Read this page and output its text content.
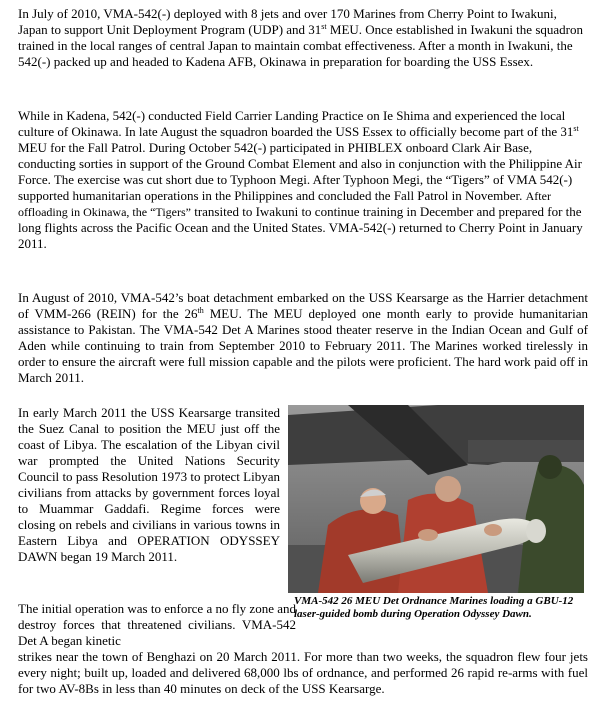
In July of 2010, VMA-542(-) deployed with 8 jets and over 170 Marines from Cherry Point to Iwakuni, Japan to support Unit Deployment Program (UDP) and 31st MEU. Once established in Iwakuni the squadron trained in the local ranges of central Japan to maintain combat effectiveness. After a month in Iwakuni, the 542(-) packed up and headed to Kadena AFB, Okinawa in preparation for boarding the USS Essex.

While in Kadena, 542(-) conducted Field Carrier Landing Practice on Ie Shima and experienced the local culture of Okinawa. In late August the squadron boarded the USS Essex to officially become part of the 31st MEU for the Fall Patrol. During October 542(-) participated in PHIBLEX onboard Clark Air Base, conducting sorties in support of the Ground Combat Element and also in conjunction with the Philippine Air Force. The exercise was cut short due to Typhoon Megi. After Typhoon Megi, the “Tigers” of VMA 542(-) supported humanitarian operations in the Philippines and concluded the Fall Patrol in November. After offloading in Okinawa, the “Tigers” transited to Iwakuni to continue training in December and prepared for the long flights across the Pacific Ocean and the United States. VMA-542(-) returned to Cherry Point in January 2011.

In August of 2010, VMA-542’s boat detachment embarked on the USS Kearsarge as the Harrier detachment of VMM-266 (REIN) for the 26th MEU. The MEU deployed one month early to provide humanitarian assistance to Pakistan. The VMA-542 Det A Marines stood theater reserve in the Indian Ocean and Gulf of Aden while continuing to train from September 2010 to February 2011. The Marines worked tirelessly in order to ensure the aircraft were full mission capable and the pilots were proficient. The hard work paid off in March 2011.

In early March 2011 the USS Kearsarge transited the Suez Canal to position the MEU just off the coast of Libya. The escalation of the Libyan civil war prompted the United Nations Security Council to pass Resolution 1973 to protect Libyan civilians from attacks by government forces loyal to Muammar Gaddafi. Regime forces were closing on rebels and civilians in various towns in Eastern Libya and OPERATION ODYSSEY DAWN began 19 March 2011.

VMA-542 26 MEU Det Ordnance Marines loading a GBU-12 laser-guided bomb during Operation Odyssey Dawn.

The initial operation was to enforce a no fly zone and destroy forces that threatened civilians. VMA-542 Det A began kinetic

strikes near the town of Benghazi on 20 March 2011. For more than two weeks, the squadron flew four jets every night; built up, loaded and delivered 68,000 lbs of ordnance, and performed 26 rapid re-arms with fuel for two AV-8Bs in less than 40 minutes on deck of the USS Kearsarge.
